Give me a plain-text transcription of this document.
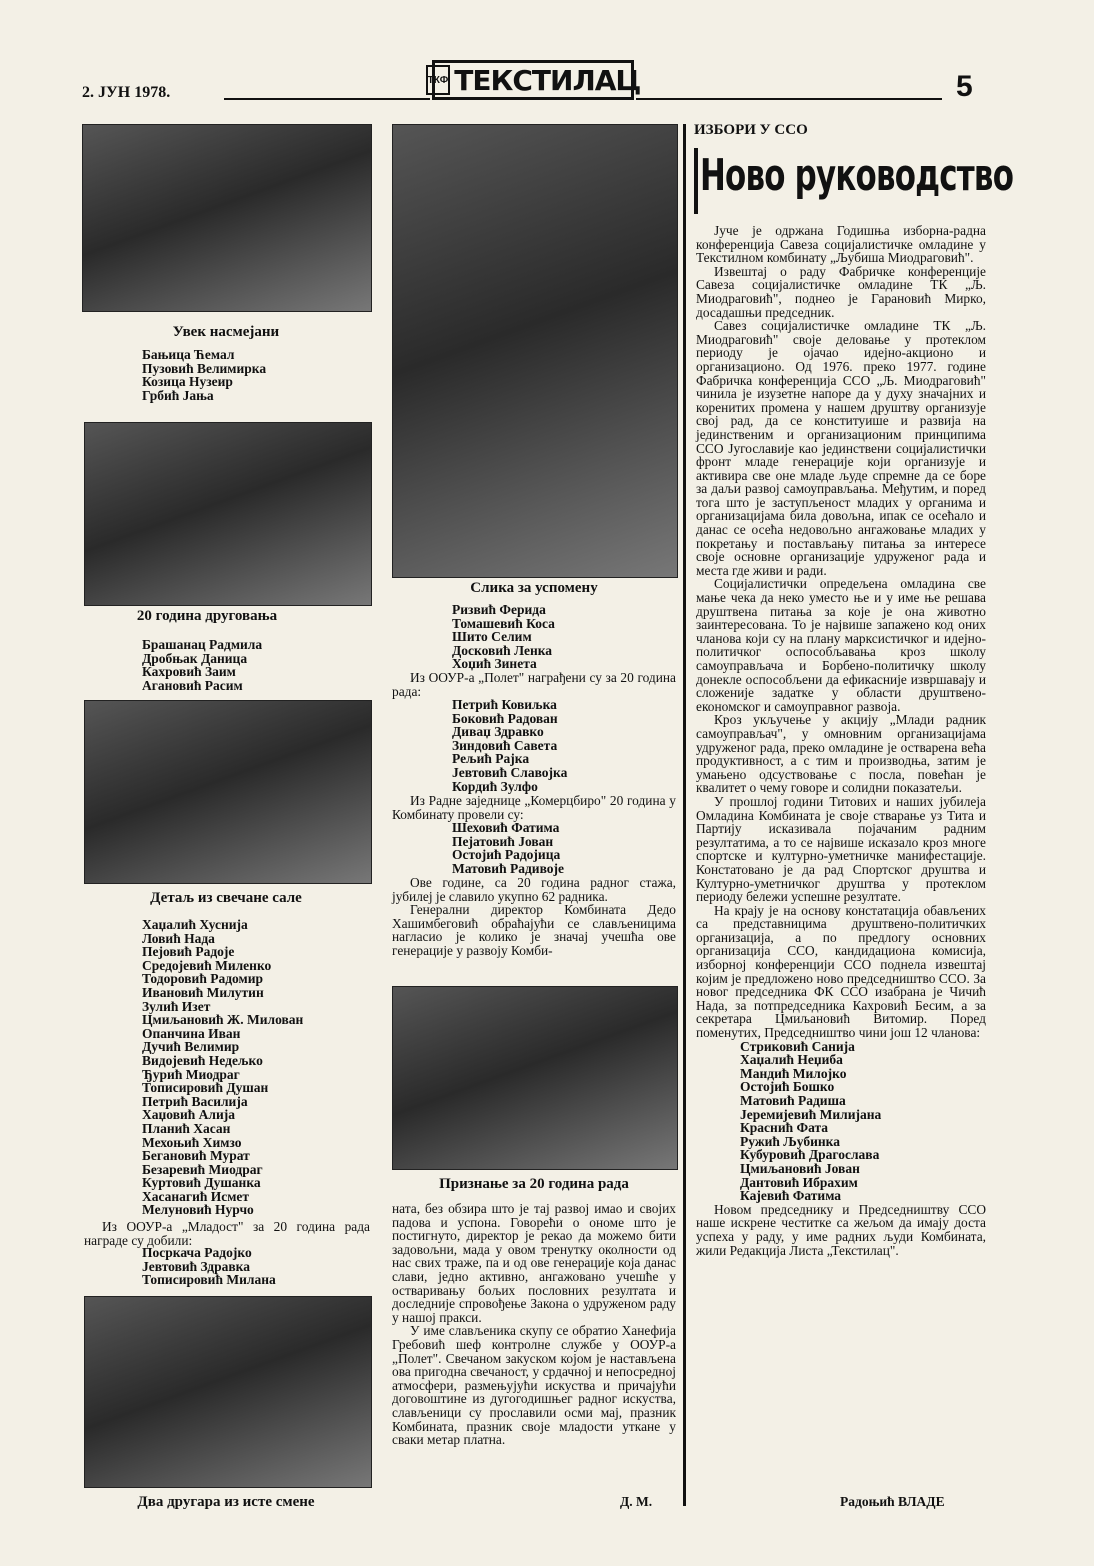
2. ЈУН 1978.
ТКФ ТЕКСТИЛАЦ	5
Увек насмејани
Бањица Ћемал
Пузовић Велимирка
Козица Нузеир
Грбић Јања
20 година друговања
Брашанац Радмила
Дробњак Даница
Кахровић Заим
Агановић Расим
Детаљ из свечане сале
Хаџалић Хуснија
Ловић Нада
Пејовић Радоје
Средојевић Миленко
Тодоровић Радомир
Ивановић Милутин
Зулић Изет
Цмиљановић Ж. Милован
Опанчина Иван
Дучић Велимир
Видојевић Недељко
Ђурић Миодраг
Тописировић Душан
Петрић Василија
Хаџовић Алија
Планић Хасан
Мехоњић Химзо
Бегановић Мурат
Безаревић Миодраг
Куртовић Душанка
Хасанагић Исмет
Мелуновић Нурчо

Из ООУР-а „Младост" за 20 година рада награде су добили:

Посркача Радојко
Јевтовић Здравка
Тописировић Милана
Два другара из исте смене
Слика за успомену
Ризвић Ферида
Томашевић Коса
Шито Селим
Досковић Ленка
Хоџић Зинета

Из ООУР-а „Полет" награђени су за 20 година рада:

Петрић Ковиљка
Боковић Радован
Диваџ Здравко
Зиндовић Савета
Рељић Рајка
Јевтовић Славојка
Кордић Зулфо

Из Радне заједнице „Комерцбиро" 20 година у Комбинату провели су:

Шеховић Фатима
Пејатовић Јован
Остојић Радојица
Матовић Радивоје

Ове године, са 20 година радног стажа, јубилеј је славило укупно 62 радника.

Генерални директор Комбината Дедо Хашимбеговић обраћајући се слављеницима нагласио је колико је значај учешћа ове генерације у развоју Комби-

Признање за 20 година рада

ната, без обзира што је тај развој имао и својих падова и успона. Говорећи о ономе што је постигнуто, директор је рекао да можемо бити задовољни, мада у овом тренутку околности од нас свих траже, па и од ове генерације која данас слави, једно активно, ангажовано учешће у остваривању бољих пословних резултата и доследније спровођење Закона о удруженом раду у нашој пракси.

У име слављеника скупу се обратио Ханефија Гребовић шеф контролне службе у ООУР-а „Полет". Свечаном закуском којом је настављена ова пригодна свечаност, у срдачној и непосредној атмосфери, размењујући искуства и причајући договоштине из дугогодишњег радног искуства, слављеници су прославили осми мај, празник Комбината, празник своје младости уткане у сваки метар платна.

Д. М.
ИЗБОРИ У ССО
Ново руководство

Јуче је одржана Годишња изборна-радна конференција Савеза социјалистичке омладине у Текстилном комбинату „Љубиша Миодраговић".

Извештај о раду Фабричке конференције Савеза социјалистичке омладине ТК „Љ. Миодраговић", поднео је Гарановић Мирко, досадашњи председник.

Савез социјалистичке омладине ТК „Љ. Миодраговић" своје деловање у протеклом периоду је ојачао идејно-акционо и организационо. Од 1976. преко 1977. године Фабричка конференција ССО „Љ. Миодраговић" чинила је изузетне напоре да у духу значајних и коренитих промена у нашем друштву организује свој рад, да се конституише и развија на јединственим и организационим принципима ССО Југославије као јединствени социјалистички фронт младе генерације који организује и активира све оне младе људе спремне да се боре за даљи развој самоуправљања. Међутим, и поред тога што је заступљеност младих у органима и организацијама била довољна, ипак се осећало и данас се осећа недовољно ангажовање младих у покретању и постављању питања за интересе своје основне организације удруженог рада и места где живи и ради.

Социјалистички опредељена омладина све мање чека да неко уместо ње и у име ње решава друштвена питања за које је она животно заинтересована. То је највише запажено код оних чланова који су на плану марксистичког и идејно-политичког оспособљавања кроз школу самоуправљача и Борбено-политичку школу донекле оспособљени да ефикасније извршавају и сложеније задатке у области друштвено-економског и самоуправног развоја.

Кроз укључење у акцију „Млади радник самоуправљач", у омновним организацијама удруженог рада, преко омладине је остварена већа продуктивност, а с тим и производња, затим је умањено одсуствовање с посла, повећан је квалитет о чему говоре и солидни показатељи.

У прошлој години Титових и наших јубилеја Омладина Комбината је своје стварање уз Тита и Партију исказивала појачаним радним резултатима, а то се највише исказало кроз многе спортске и културно-уметничке манифестације. Констатовано је да рад Спортског друштва и Културно-уметничког друштва у протеклом периоду бележи успешне резултате.

На крају је на основу констатација обављених са представницима друштвено-политичких организација, а по предлогу основних организација ССО, кандидациона комисија, изборној конференцији ССО поднела извештај којим је предложено ново председништво ССО. За новог председника ФК ССО изабрана је Чичић Нада, за потпредседника Кахровић Бесим, а за секретара Цмиљановић Витомир. Поред поменутих, Председништво чини још 12 чланова:

Стриковић Санија
Хаџалић Неџиба
Мандић Милојко
Остојић Бошко
Матовић Радиша
Јеремијевић Милијана
Краснић Фата
Ружић Љубинка
Кубуровић Драгослава
Цмиљановић Јован
Дантовић Ибрахим
Кајевић Фатима

Новом председнику и Председништву ССО наше искрене честитке са жељом да имају доста успеха у раду, у име радних људи Комбината, жили Редакција Листа „Текстилац".

Радоњић ВЛАДЕ
